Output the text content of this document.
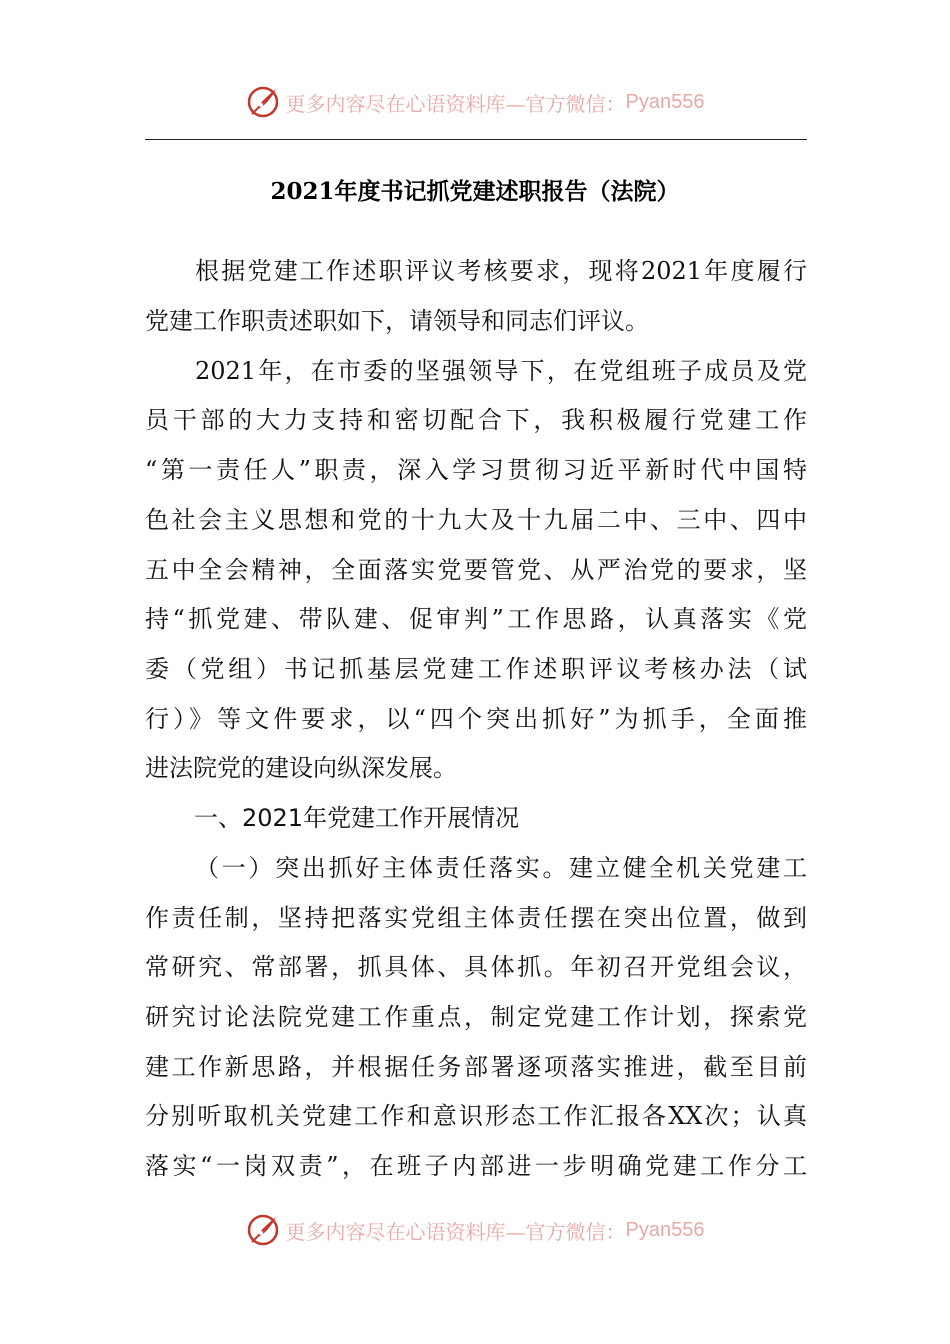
更多内容尽在心语资料库—官方微信： Pyan556
2021年度书记抓党建述职报告（法院）
根据党建工作述职评议考核要求，现将2021年度履行
党建工作职责述职如下，请领导和同志们评议。
2021年，在市委的坚强领导下，在党组班子成员及党
员干部的大力支持和密切配合下，我积极履行党建工作
“第一责任人”职责，深入学习贯彻习近平新时代中国特
色社会主义思想和党的十九大及十九届二中、三中、四中
五中全会精神，全面落实党要管党、从严治党的要求，坚
持“抓党建、带队建、促审判”工作思路，认真落实《党
委（党组）书记抓基层党建工作述职评议考核办法（试
行）》等文件要求，以“四个突出抓好”为抓手，全面推
进法院党的建设向纵深发展。
一、2021年党建工作开展情况
（一）突出抓好主体责任落实。建立健全机关党建工
作责任制，坚持把落实党组主体责任摆在突出位置，做到
常研究、常部署，抓具体、具体抓。年初召开党组会议，
研究讨论法院党建工作重点，制定党建工作计划，探索党
建工作新思路，并根据任务部署逐项落实推进，截至目前
分别听取机关党建工作和意识形态工作汇报各XX次；认真
落实“一岗双责”，在班子内部进一步明确党建工作分工
更多内容尽在心语资料库—官方微信： Pyan556
